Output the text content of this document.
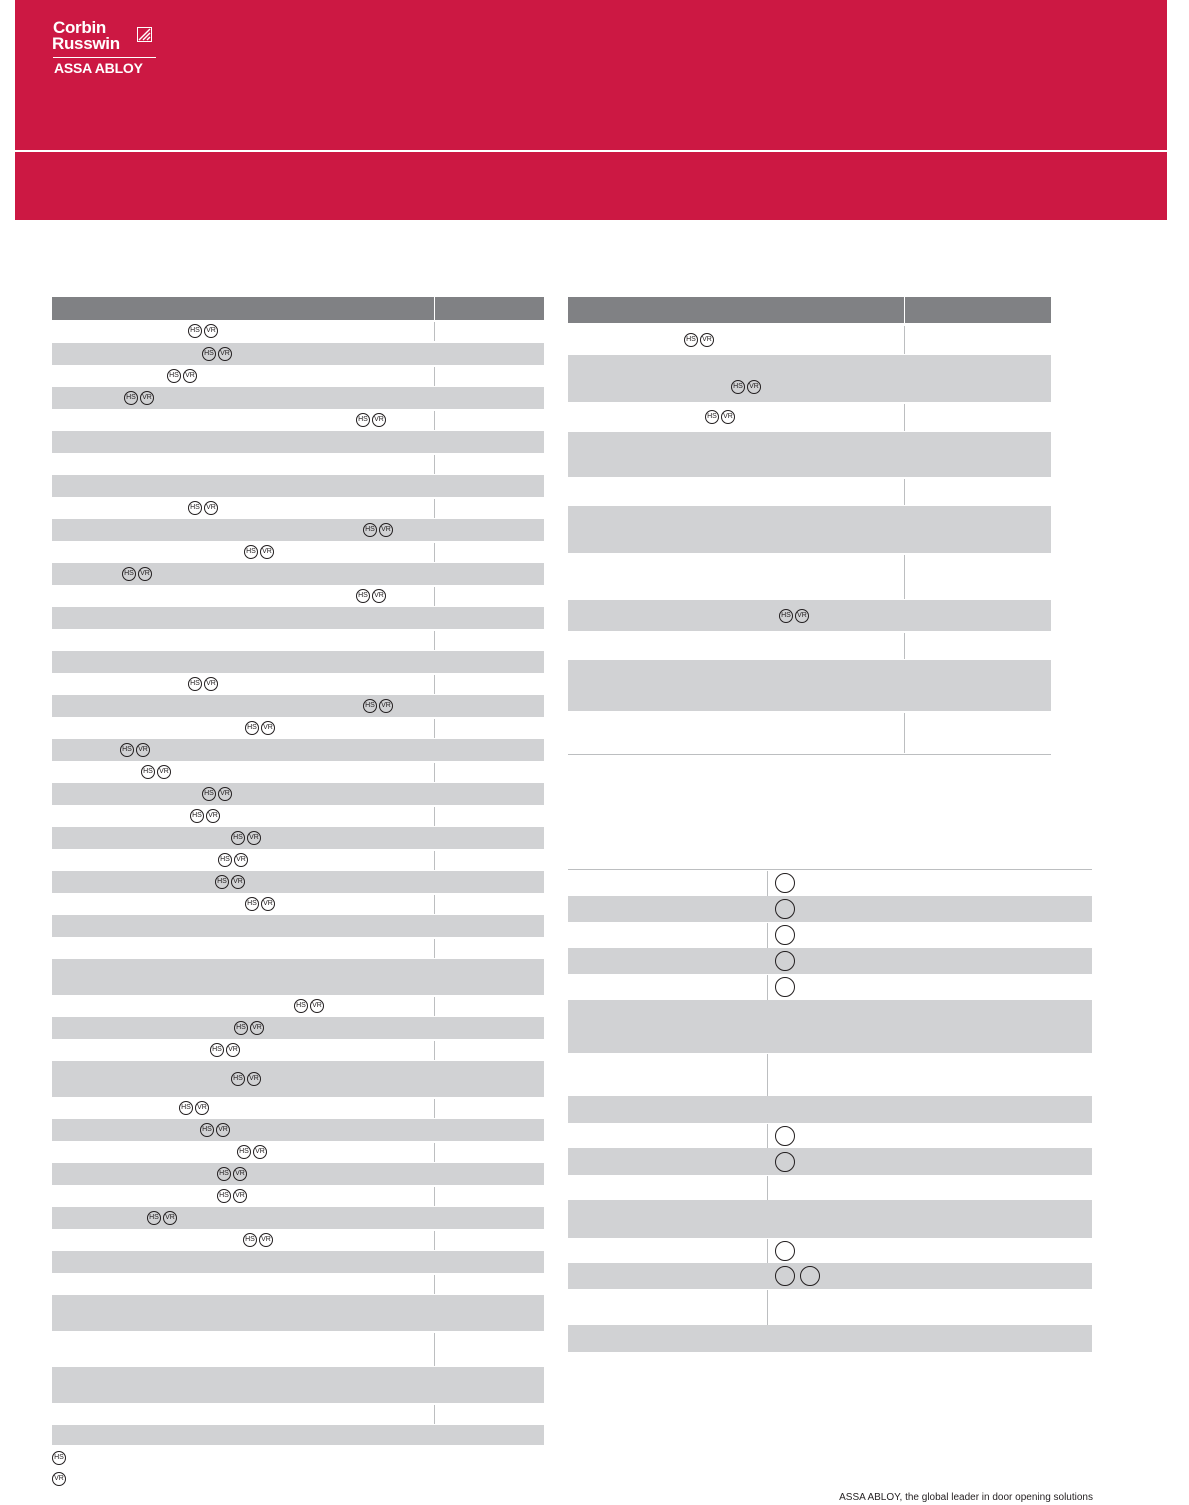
Corbin
Russwin
ASSA ABLOY
HS VR
HS VR
HS VR
HS VR
HS VR
HS VR
HS VR
HS VR
HS VR
HS VR
HS VR
HS VR
HS VR
HS VR
HS VR
HS VR
HS VR
HS VR
HS VR
HS VR
HS VR
HS VR
HS VR
HS VR
HS VR
HS VR
HS VR
HS VR
HS VR
HS VR
HS VR
HS VR
HS VR
HS VR
HS VR
HS VR
HS
VR
ASSA ABLOY, the global leader in door opening solutions
